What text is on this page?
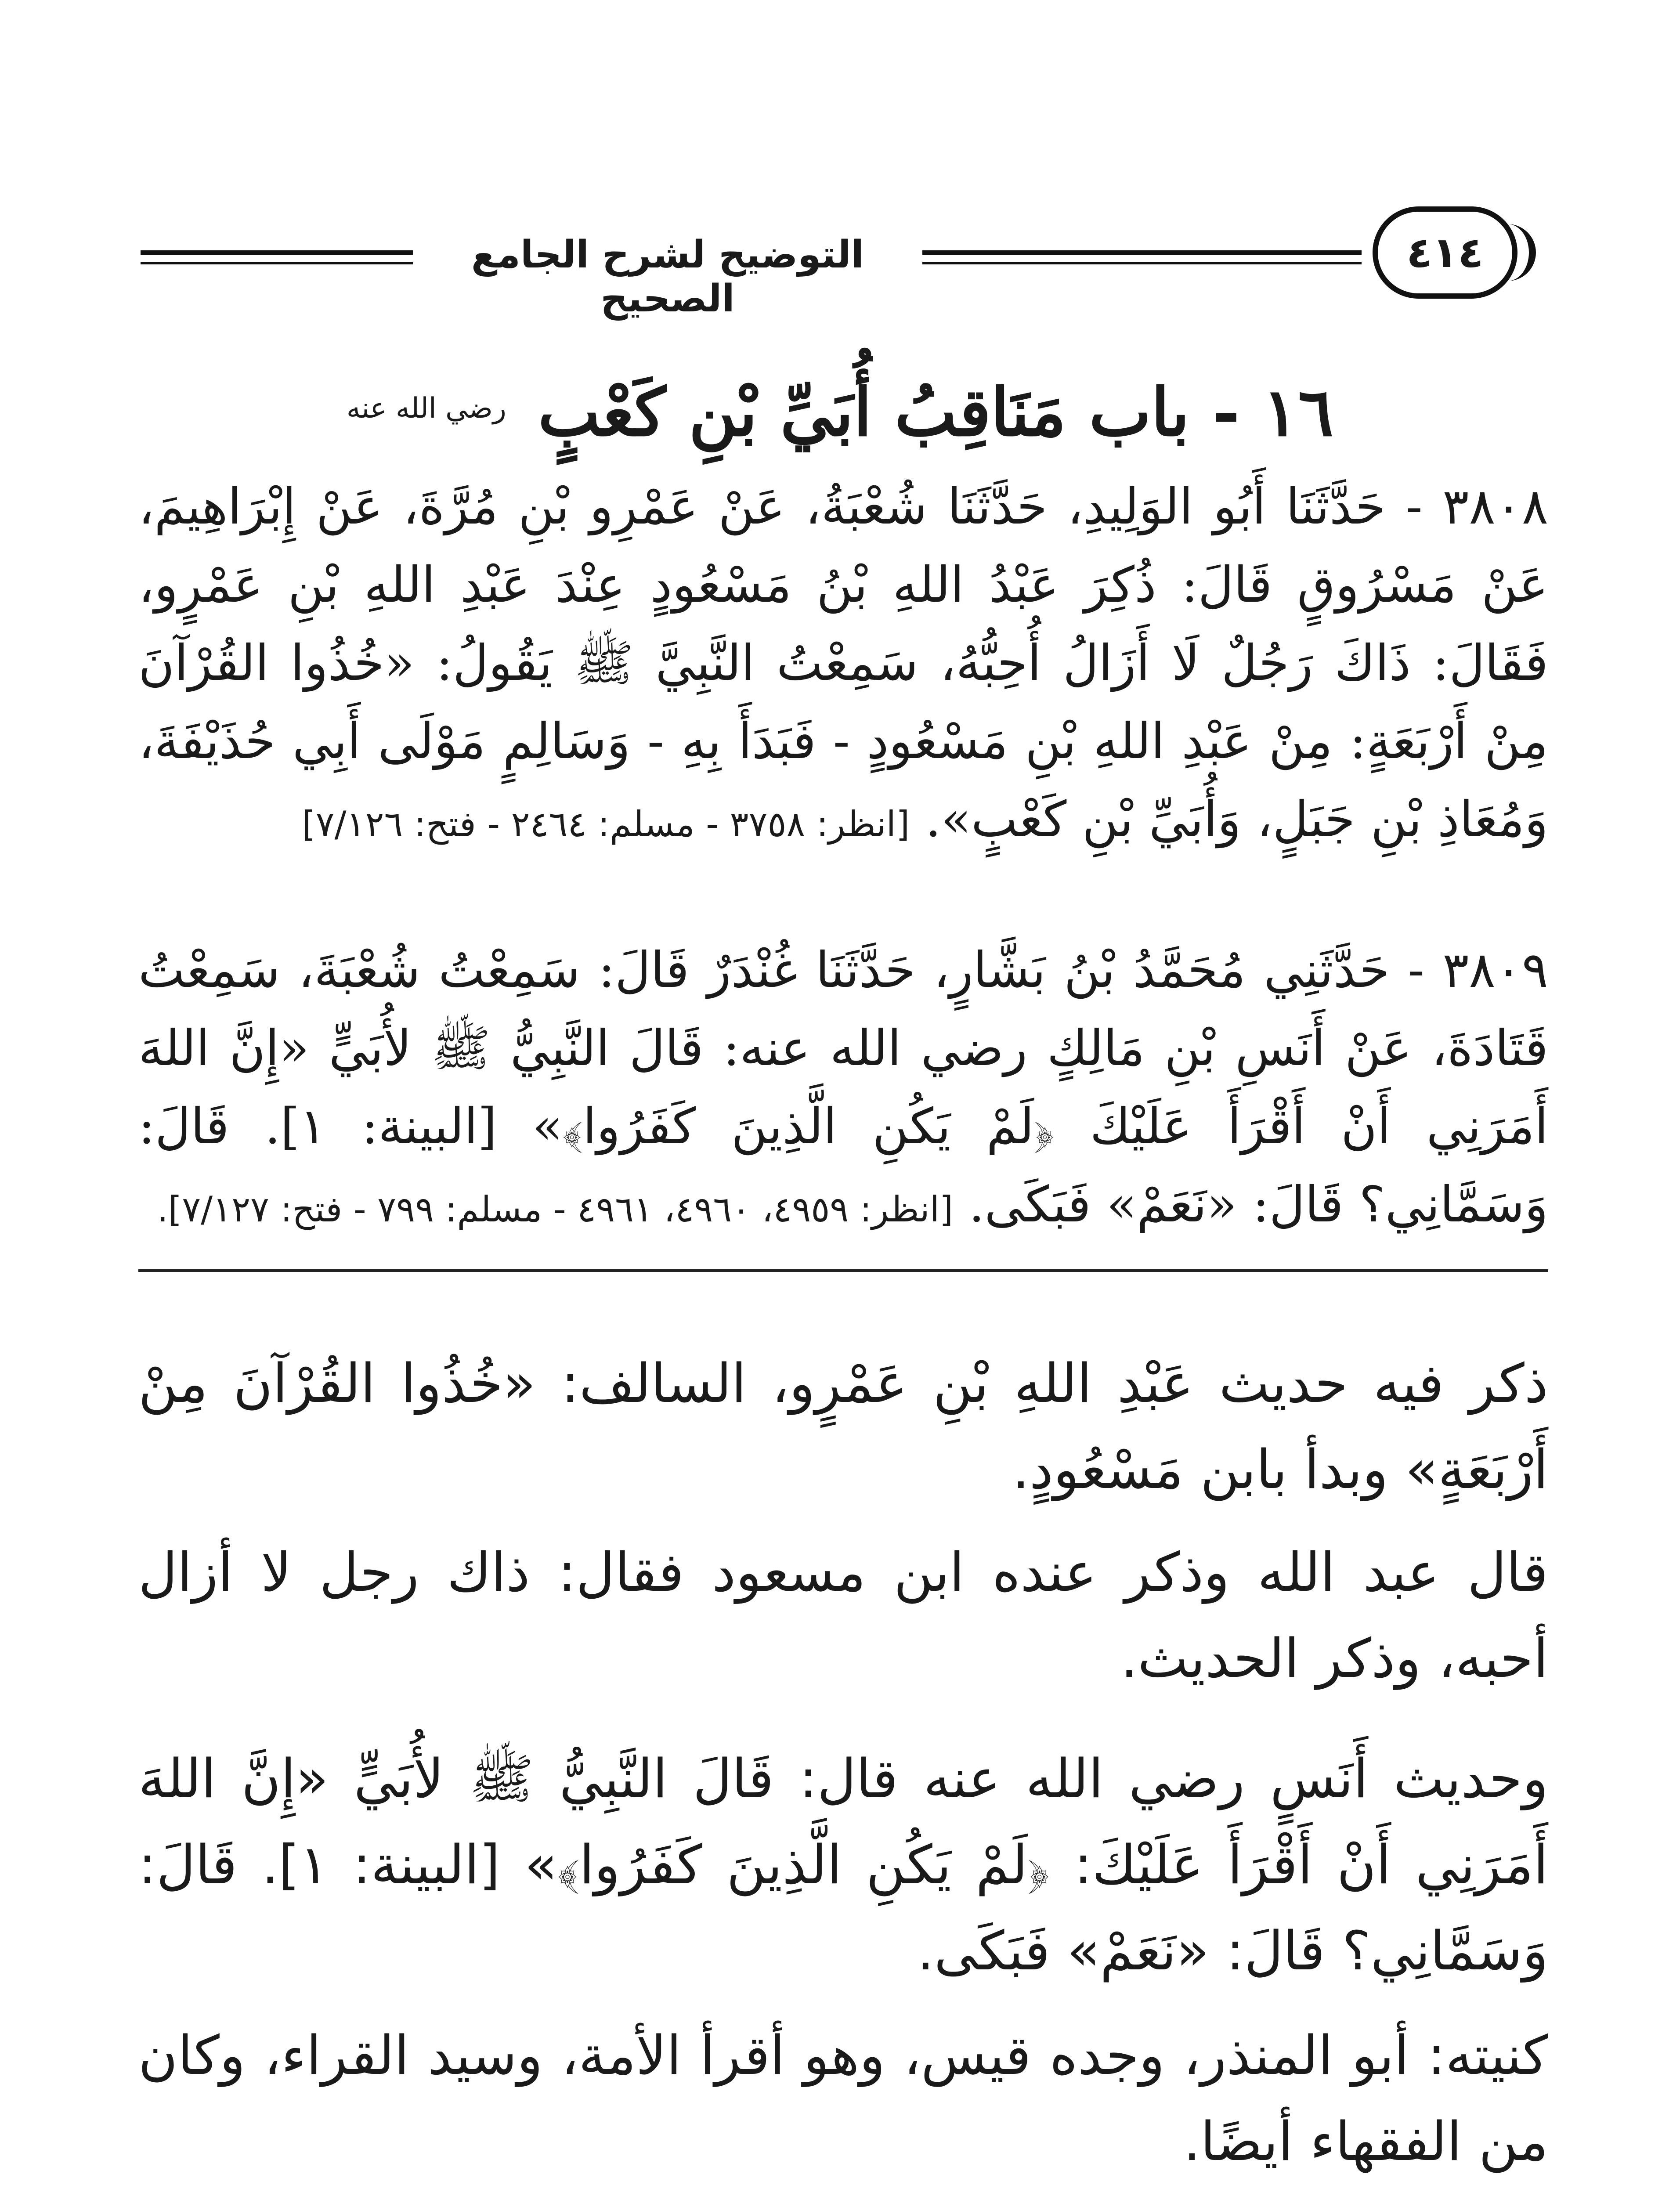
التوضيح لشرح الجامع الصحيح
٤١٤
١٦ - باب مَنَاقِبُ أُبَيِّ بْنِ كَعْبٍ $^{رضي الله عنه}$
٣٨٠٨ - حَدَّثَنَا أَبُو الوَلِيدِ، حَدَّثَنَا شُعْبَةُ، عَنْ عَمْرِو بْنِ مُرَّةَ، عَنْ إِبْرَاهِيمَ، عَنْ مَسْرُوقٍ قَالَ: ذُكِرَ عَبْدُ اللهِ بْنُ مَسْعُودٍ عِنْدَ عَبْدِ اللهِ بْنِ عَمْرٍو، فَقَالَ: ذَاكَ رَجُلٌ لَا أَزَالُ أُحِبُّهُ، سَمِعْتُ النَّبِيَّ ﷺ يَقُولُ: «خُذُوا القُرْآنَ مِنْ أَرْبَعَةٍ: مِنْ عَبْدِ اللهِ بْنِ مَسْعُودٍ - فَبَدَأَ بِهِ - وَسَالِمٍ مَوْلَى أَبِي حُذَيْفَةَ، وَمُعَاذِ بْنِ جَبَلٍ، وَأُبَيِّ بْنِ كَعْبٍ». [انظر: ٣٧٥٨ - مسلم: ٢٤٦٤ - فتح: ٧/١٢٦]
٣٨٠٩ - حَدَّثَنِي مُحَمَّدُ بْنُ بَشَّارٍ، حَدَّثَنَا غُنْدَرٌ قَالَ: سَمِعْتُ شُعْبَةَ، سَمِعْتُ قَتَادَةَ، عَنْ أَنَسِ بْنِ مَالِكٍ رضي الله عنه: قَالَ النَّبِيُّ ﷺ لأُبَيٍّ «إِنَّ اللهَ أَمَرَنِي أَنْ أَقْرَأَ عَلَيْكَ ﴿لَمْ يَكُنِ الَّذِينَ كَفَرُوا﴾» [البينة: ١]. قَالَ: وَسَمَّانِي؟ قَالَ: «نَعَمْ» فَبَكَى. [انظر: ٤٩٥٩، ٤٩٦٠، ٤٩٦١ - مسلم: ٧٩٩ - فتح: ٧/١٢٧].

ذكر فيه حديث عَبْدِ اللهِ بْنِ عَمْرٍو، السالف: «خُذُوا القُرْآنَ مِنْ أَرْبَعَةٍ» وبدأ بابن مَسْعُودٍ.

قال عبد الله وذكر عنده ابن مسعود فقال: ذاك رجل لا أزال أحبه، وذكر الحديث.

وحديث أَنَسٍ رضي الله عنه قال: قَالَ النَّبِيُّ ﷺ لأُبَيٍّ «إِنَّ اللهَ أَمَرَنِي أَنْ أَقْرَأَ عَلَيْكَ: ﴿لَمْ يَكُنِ الَّذِينَ كَفَرُوا﴾» [البينة: ١]. قَالَ: وَسَمَّانِي؟ قَالَ: «نَعَمْ» فَبَكَى.

كنيته: أبو المنذر، وجده قيس، وهو أقرأ الأمة، وسيد القراء، وكان من الفقهاء أيضًا.
